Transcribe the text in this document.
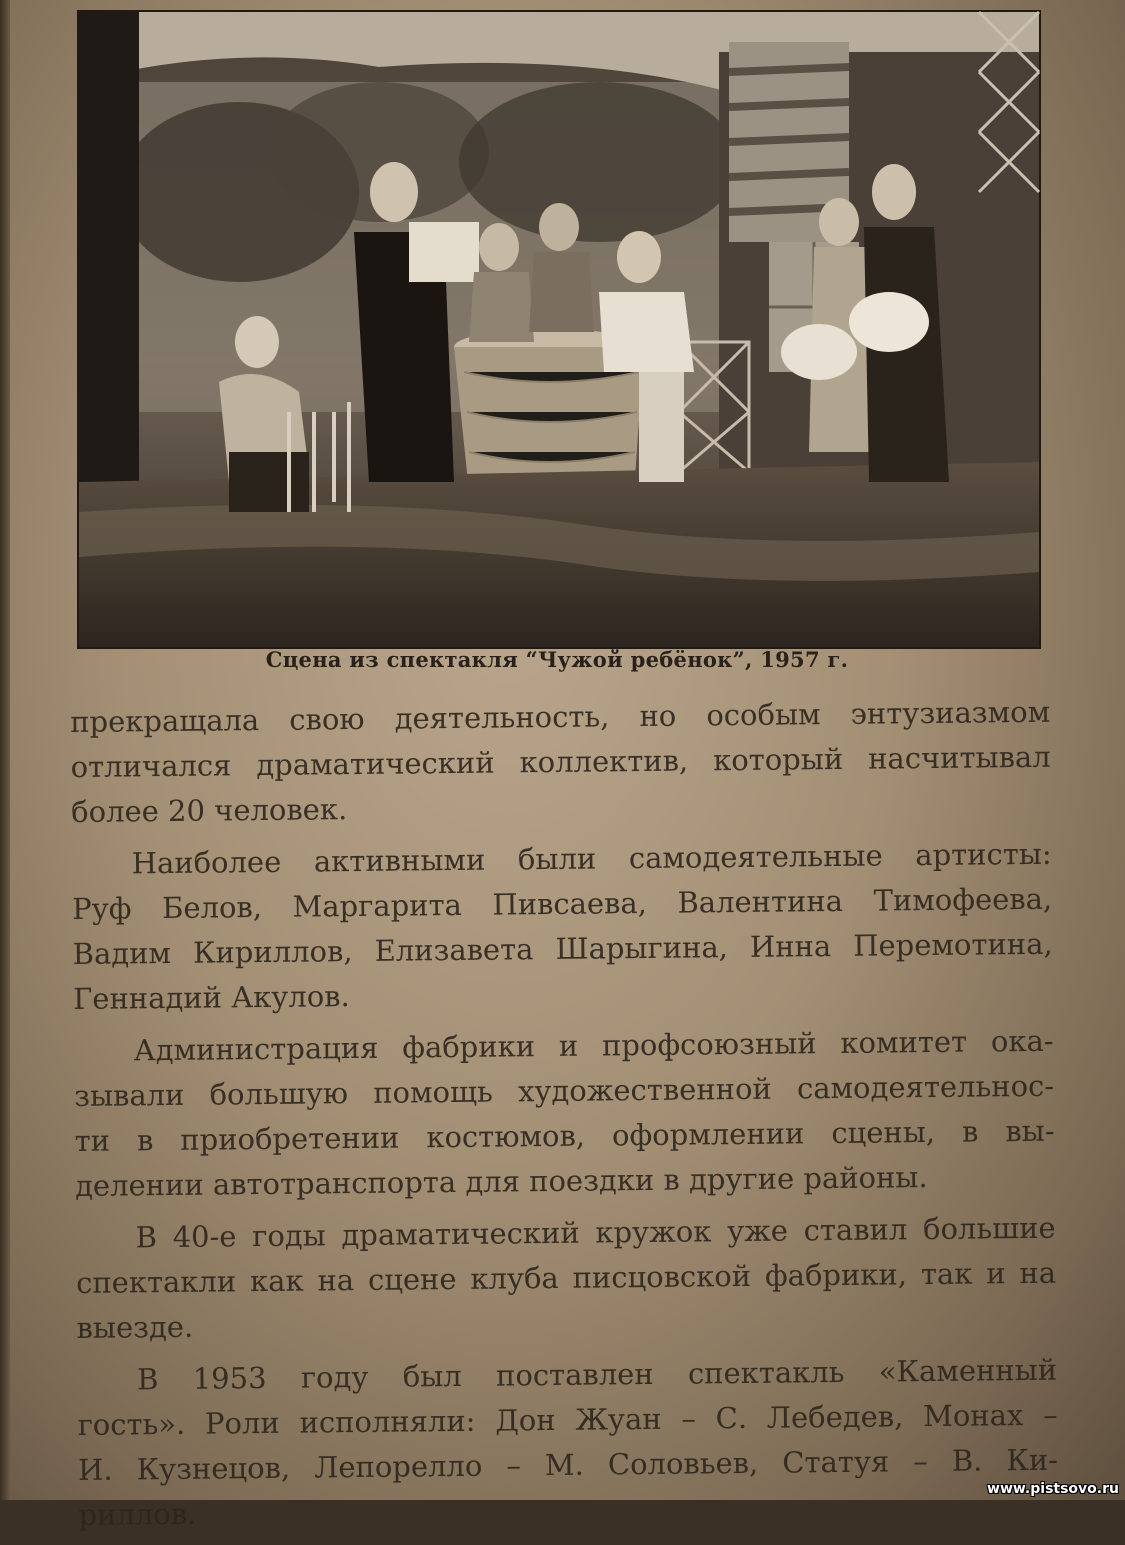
Сцена из спектакля “Чужой ребёнок”, 1957 г.
прекращала свою деятельность, но особым энтузиазмом
отличался драматический коллектив, который насчитывал
более 20 человек.
Наиболее активными были самодеятельные артисты:
Руф Белов, Маргарита Пивсаева, Валентина Тимофеева,
Вадим Кириллов, Елизавета Шарыгина, Инна Перемотина,
Геннадий Акулов.
Администрация фабрики и профсоюзный комитет ока-
зывали большую помощь художественной самодеятельнос-
ти в приобретении костюмов, оформлении сцены, в вы-
делении автотранспорта для поездки в другие районы.
В 40-е годы драматический кружок уже ставил большие
спектакли как на сцене клуба писцовской фабрики, так и на
выезде.
В 1953 году был поставлен спектакль «Каменный
гость». Роли исполняли: Дон Жуан – С. Лебедев, Монах –
И. Кузнецов, Лепорелло – М. Соловьев, Статуя – В. Ки-
риллов.
www.pistsovo.ru
